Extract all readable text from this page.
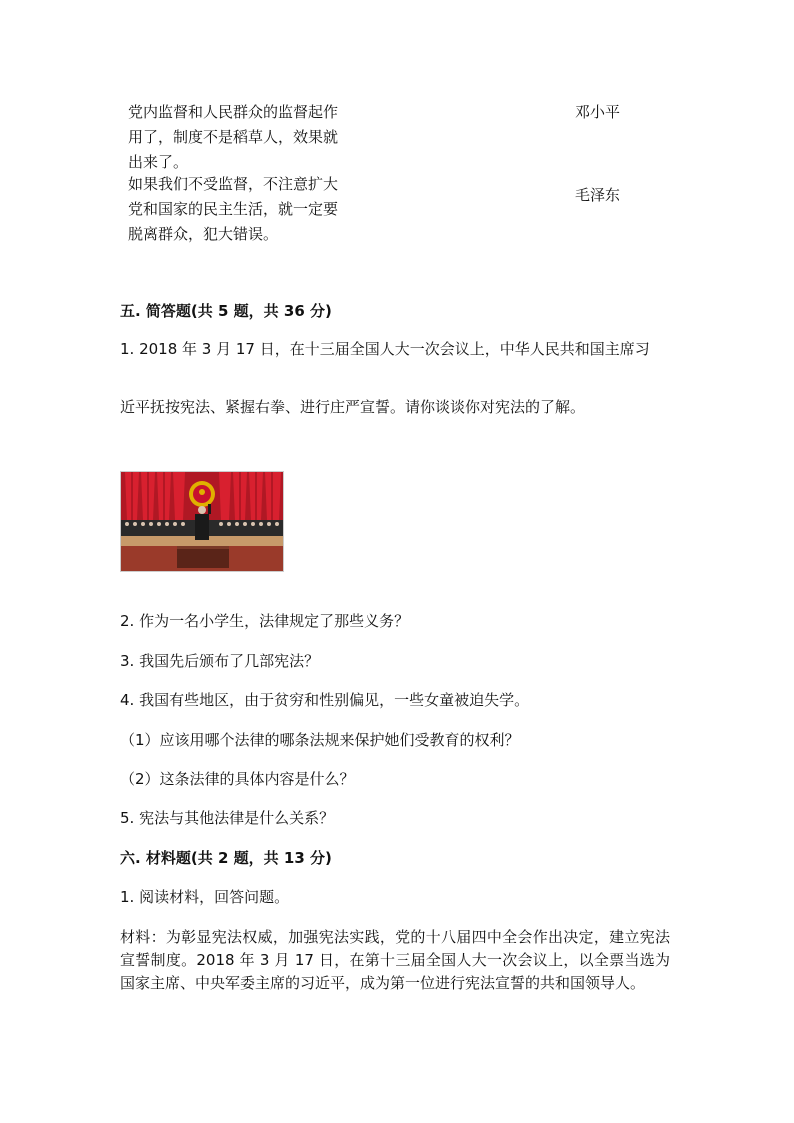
党内监督和人民群众的监督起作用了，制度不是稻草人，效果就出来了。
邓小平
如果我们不受监督，不注意扩大党和国家的民主生活，就一定要脱离群众，犯大错误。
毛泽东
五. 简答题(共 5 题，共 36 分)
1. 2018 年 3 月 17 日，在十三届全国人大一次会议上，中华人民共和国主席习
近平抚按宪法、紧握右拳、进行庄严宣誓。请你谈谈你对宪法的了解。
2. 作为一名小学生，法律规定了那些义务？
3. 我国先后颁布了几部宪法？
4. 我国有些地区，由于贫穷和性别偏见，一些女童被迫失学。
（1）应该用哪个法律的哪条法规来保护她们受教育的权利？
（2）这条法律的具体内容是什么？
5. 宪法与其他法律是什么关系？
六. 材料题(共 2 题，共 13 分)
1. 阅读材料，回答问题。
材料：为彰显宪法权威，加强宪法实践，党的十八届四中全会作出决定，建立宪法宣誓制度。2018 年 3 月 17 日，在第十三届全国人大一次会议上，以全票当选为国家主席、中央军委主席的习近平，成为第一位进行宪法宣誓的共和国领导人。
